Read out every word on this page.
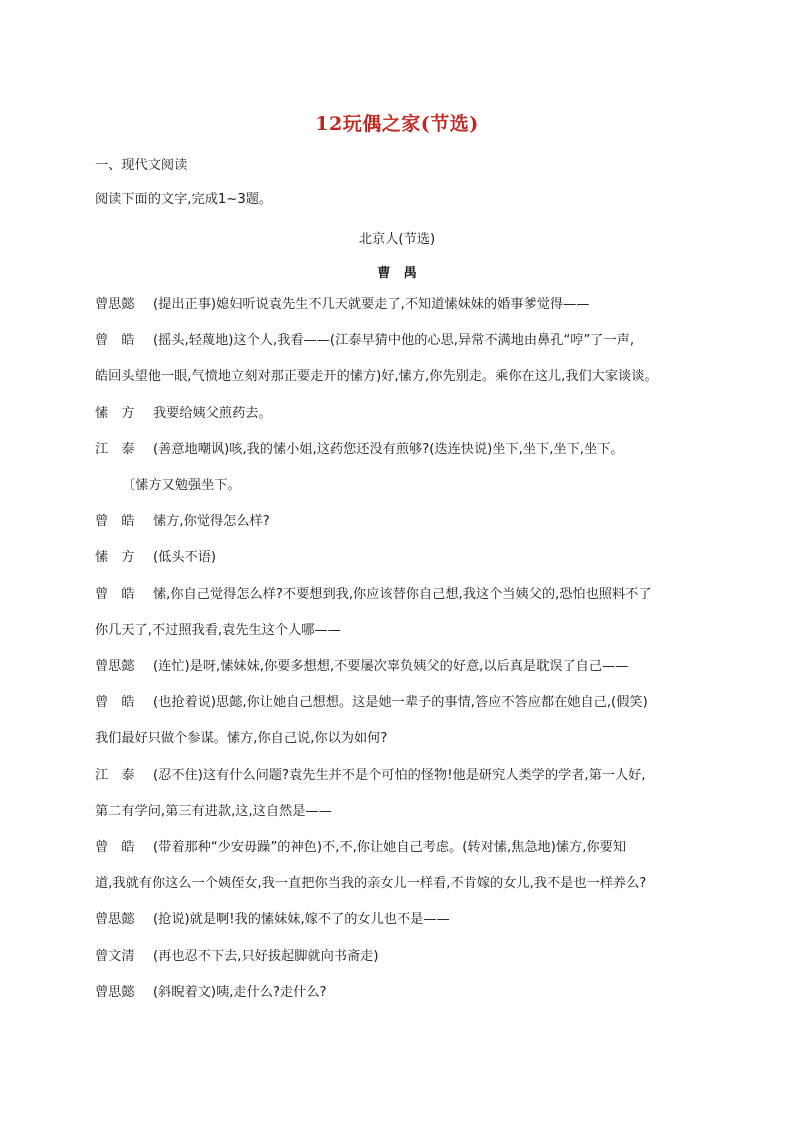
12玩偶之家(节选)
一、现代文阅读
阅读下面的文字,完成1~3题。
北京人(节选)
曹　禺
曾思懿 (提出正事)媳妇听说袁先生不几天就要走了,不知道愫妹妹的婚事爹觉得——
曾　皓 (摇头,轻蔑地)这个人,我看——(江泰早猜中他的心思,异常不满地由鼻孔“哼”了一声,
皓回头望他一眼,气愤地立刻对那正要走开的愫方)好,愫方,你先别走。乘你在这儿,我们大家谈谈。
愫　方 我要给姨父煎药去。
江　泰 (善意地嘲讽)咳,我的愫小姐,这药您还没有煎够?(迭连快说)坐下,坐下,坐下,坐下。
〔愫方又勉强坐下。
曾　皓 愫方,你觉得怎么样?
愫　方 (低头不语)
曾　皓 愫,你自己觉得怎么样?不要想到我,你应该替你自己想,我这个当姨父的,恐怕也照料不了
你几天了,不过照我看,袁先生这个人哪——
曾思懿 (连忙)是呀,愫妹妹,你要多想想,不要屡次辜负姨父的好意,以后真是耽误了自己——
曾　皓 (也抢着说)思懿,你让她自己想想。这是她一辈子的事情,答应不答应都在她自己,(假笑)
我们最好只做个参谋。愫方,你自己说,你以为如何?
江　泰 (忍不住)这有什么问题?袁先生并不是个可怕的怪物!他是研究人类学的学者,第一人好,
第二有学问,第三有进款,这,这自然是——
曾　皓 (带着那种“少安毋躁”的神色)不,不,你让她自己考虑。(转对愫,焦急地)愫方,你要知
道,我就有你这么一个姨侄女,我一直把你当我的亲女儿一样看,不肯嫁的女儿,我不是也一样养么?
曾思懿 (抢说)就是啊!我的愫妹妹,嫁不了的女儿也不是——
曾文清 (再也忍不下去,只好拔起脚就向书斋走)
曾思懿 (斜睨着文)咦,走什么?走什么?
